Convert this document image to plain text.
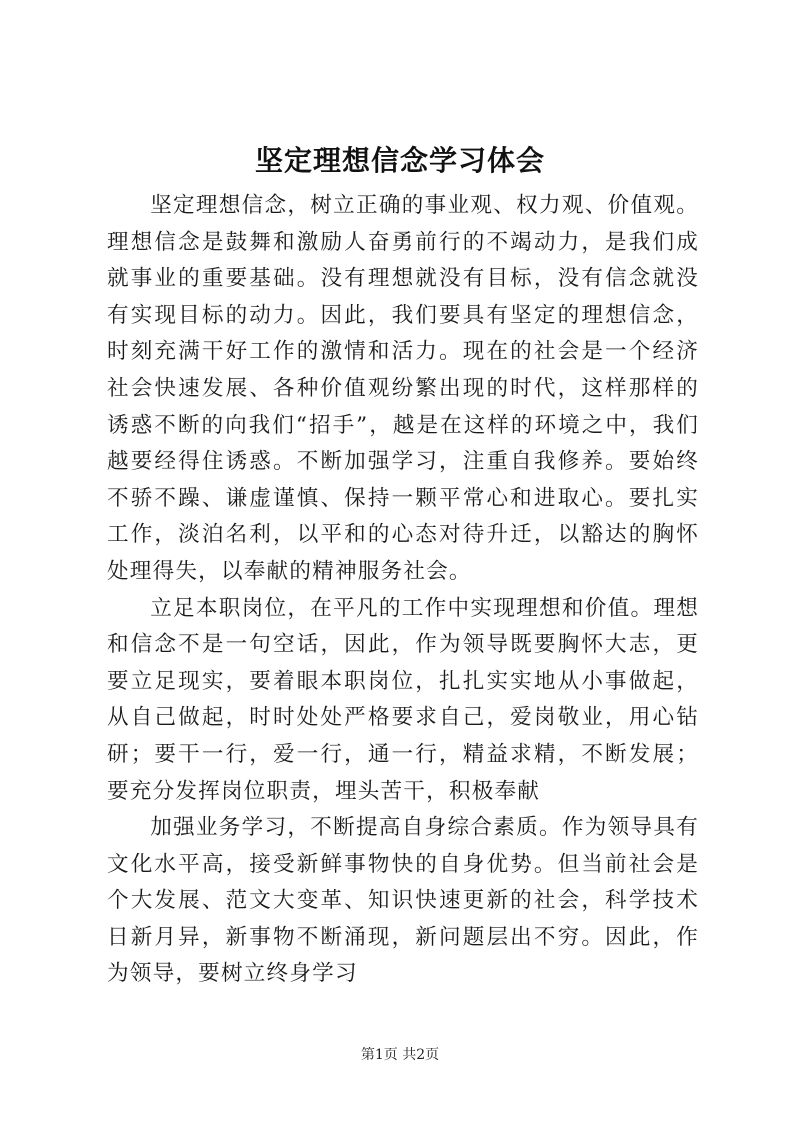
坚定理想信念学习体会

坚定理想信念，树立正确的事业观、权力观、价值观。理想信念是鼓舞和激励人奋勇前行的不竭动力，是我们成就事业的重要基础。没有理想就没有目标，没有信念就没有实现目标的动力。因此，我们要具有坚定的理想信念，时刻充满干好工作的激情和活力。现在的社会是一个经济社会快速发展、各种价值观纷繁出现的时代，这样那样的诱惑不断的向我们“招手”，越是在这样的环境之中，我们越要经得住诱惑。不断加强学习，注重自我修养。要始终不骄不躁、谦虚谨慎、保持一颗平常心和进取心。要扎实工作，淡泊名利，以平和的心态对待升迁，以豁达的胸怀处理得失，以奉献的精神服务社会。

立足本职岗位，在平凡的工作中实现理想和价值。理想和信念不是一句空话，因此，作为领导既要胸怀大志，更要立足现实，要着眼本职岗位，扎扎实实地从小事做起，从自己做起，时时处处严格要求自己，爱岗敬业，用心钻研；要干一行，爱一行，通一行，精益求精，不断发展；要充分发挥岗位职责，埋头苦干，积极奉献

加强业务学习，不断提高自身综合素质。作为领导具有文化水平高，接受新鲜事物快的自身优势。但当前社会是个大发展、范文大变革、知识快速更新的社会，科学技术日新月异，新事物不断涌现，新问题层出不穷。因此，作为领导，要树立终身学习

第1页 共2页
